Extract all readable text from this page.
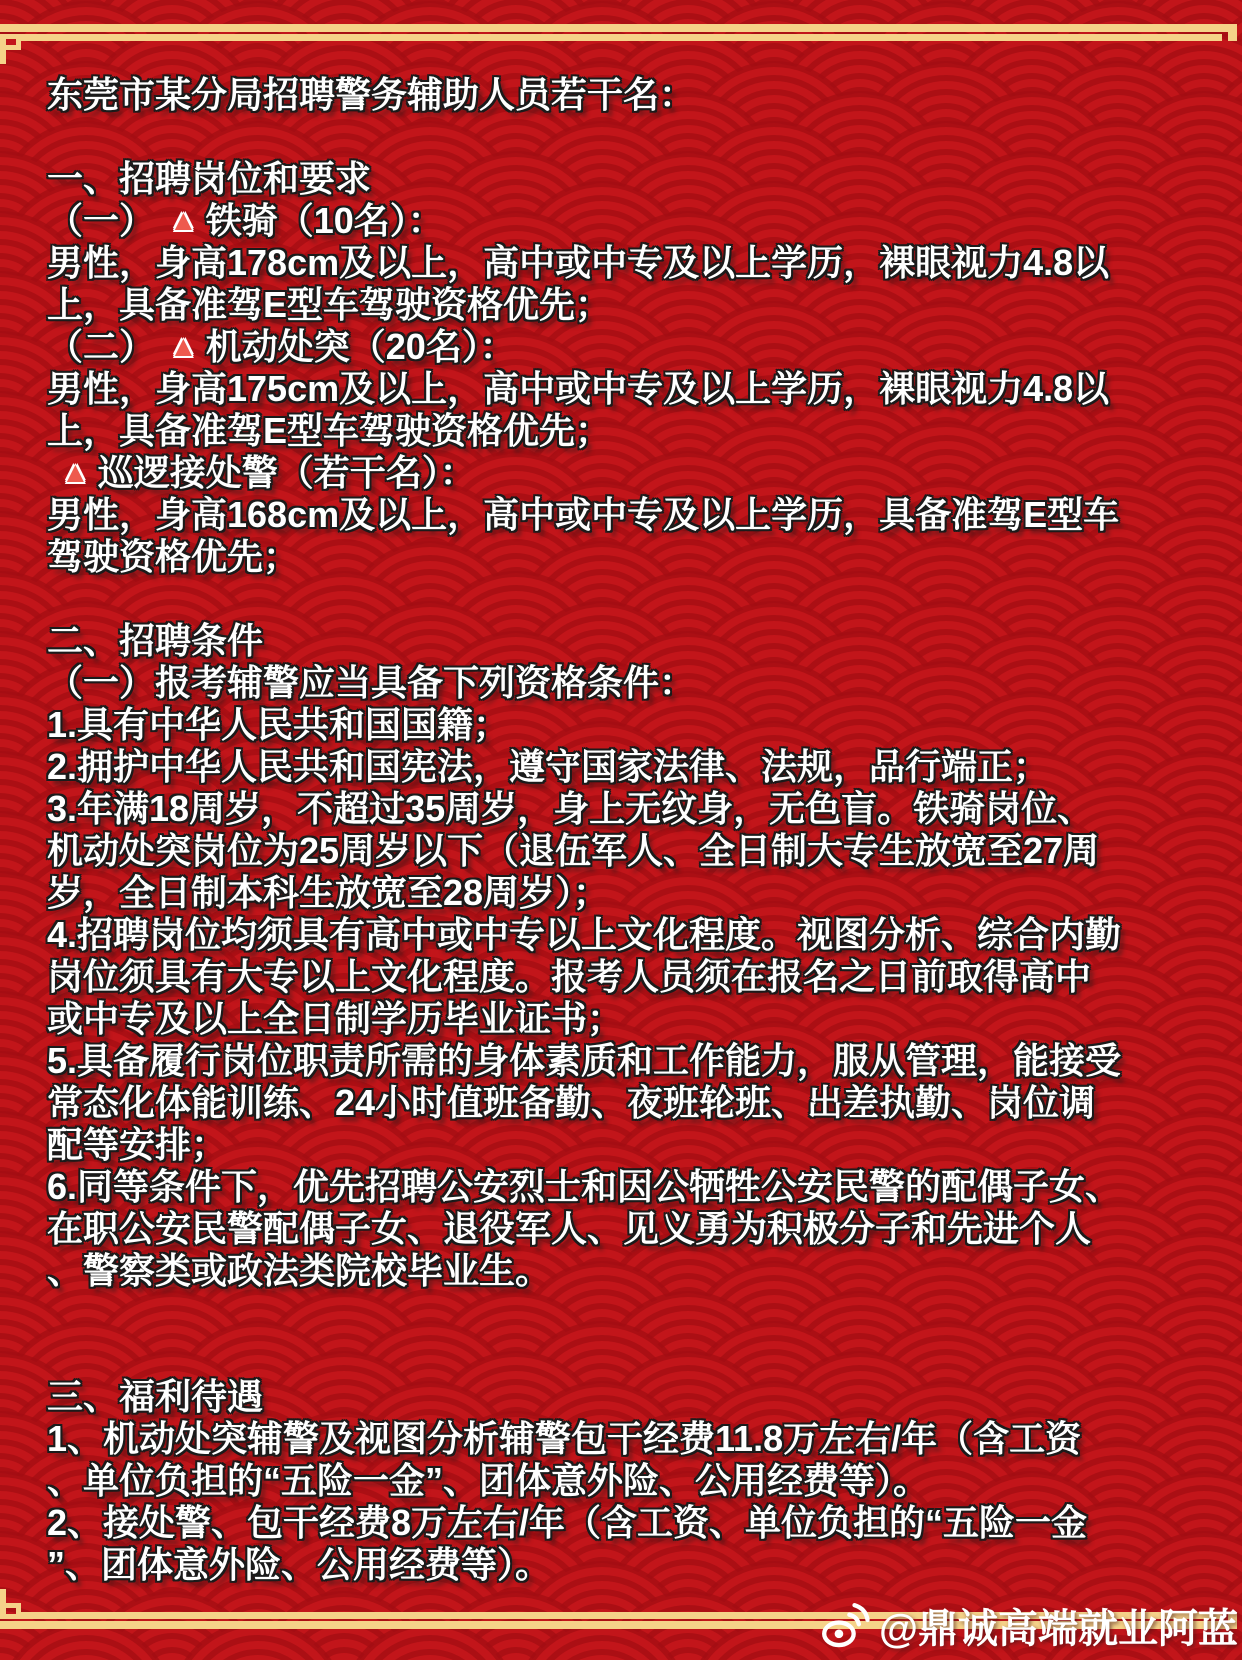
东莞市某分局招聘警务辅助人员若干名：

一、招聘岗位和要求
（一） ▲ 铁骑（10名）：
男性，身高178cm及以上，高中或中专及以上学历，裸眼视力4.8以
上，具备准驾E型车驾驶资格优先；
（二） ▲ 机动处突（20名）：
男性，身高175cm及以上，高中或中专及以上学历，裸眼视力4.8以
上，具备准驾E型车驾驶资格优先；
▲ 巡逻接处警（若干名）：
男性，身高168cm及以上，高中或中专及以上学历，具备准驾E型车
驾驶资格优先；

二、招聘条件
（一）报考辅警应当具备下列资格条件：
1.具有中华人民共和国国籍；
2.拥护中华人民共和国宪法，遵守国家法律、法规，品行端正；
3.年满18周岁，不超过35周岁，身上无纹身，无色盲。铁骑岗位、
机动处突岗位为25周岁以下（退伍军人、全日制大专生放宽至27周
岁，全日制本科生放宽至28周岁）；
4.招聘岗位均须具有高中或中专以上文化程度。视图分析、综合内勤
岗位须具有大专以上文化程度。报考人员须在报名之日前取得高中
或中专及以上全日制学历毕业证书；
5.具备履行岗位职责所需的身体素质和工作能力，服从管理，能接受
常态化体能训练、24小时值班备勤、夜班轮班、出差执勤、岗位调
配等安排；
6.同等条件下，优先招聘公安烈士和因公牺牲公安民警的配偶子女、
在职公安民警配偶子女、退役军人、见义勇为积极分子和先进个人
、警察类或政法类院校毕业生。

三、福利待遇
1、机动处突辅警及视图分析辅警包干经费11.8万左右/年（含工资
、单位负担的“五险一金”、团体意外险、公用经费等）。
2、接处警、包干经费8万左右/年（含工资、单位负担的“五险一金
”、团体意外险、公用经费等）。
@鼎诚高端就业阿蓝
